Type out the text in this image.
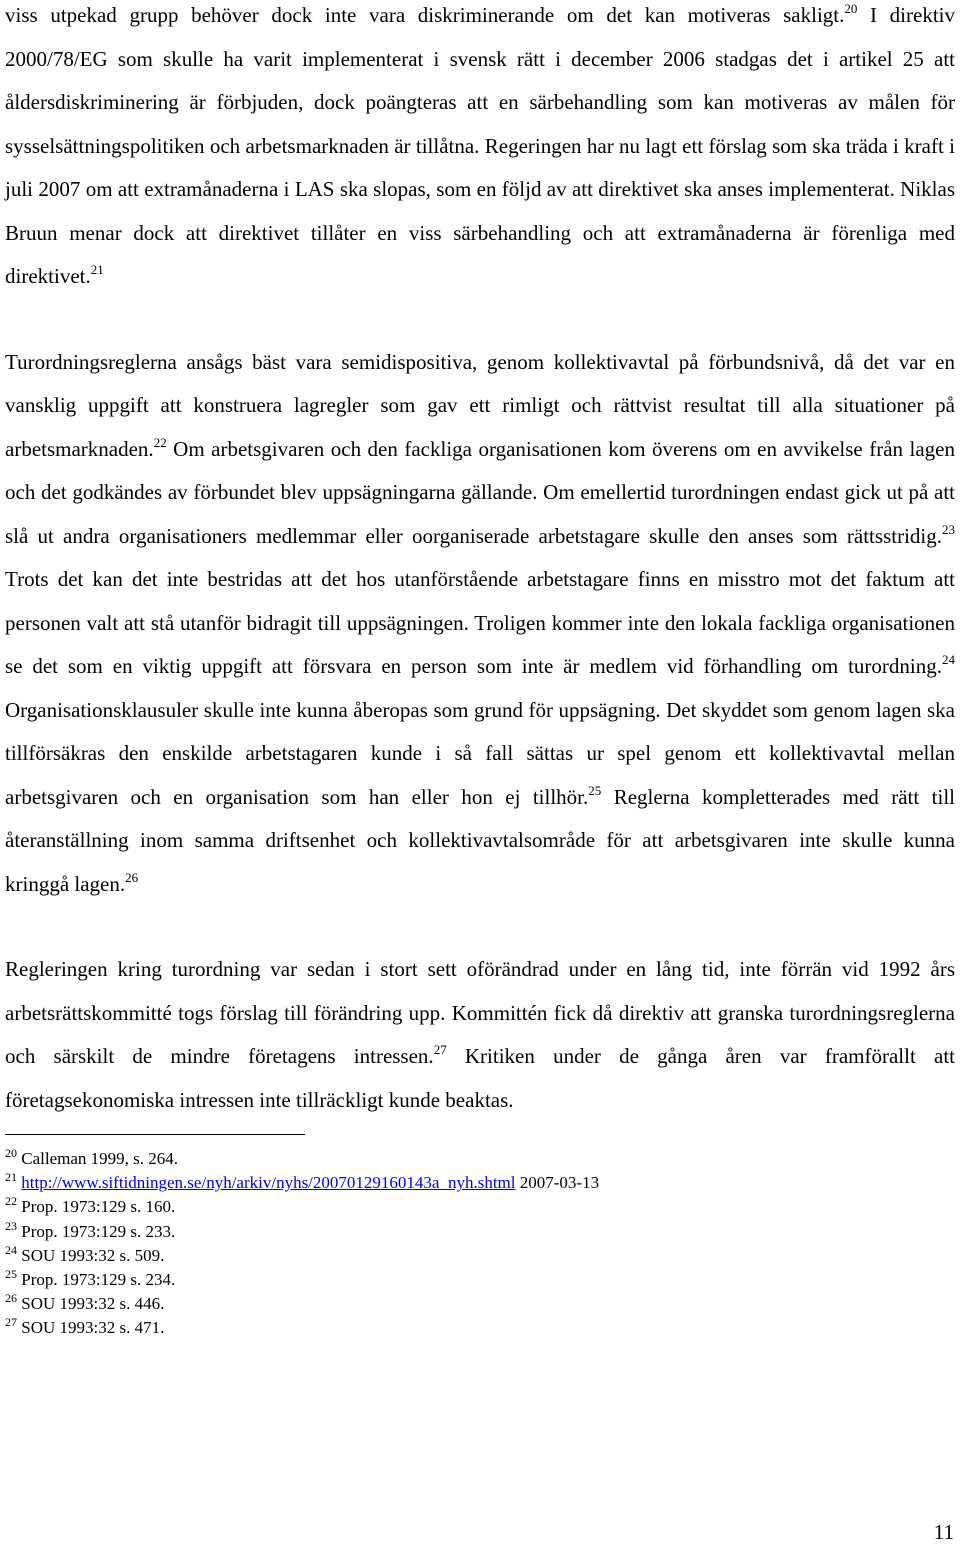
viss utpekad grupp behöver dock inte vara diskriminerande om det kan motiveras sakligt.$^{20}$ I direktiv 2000/78/EG som skulle ha varit implementerat i svensk rätt i december 2006 stadgas det i artikel 25 att åldersdiskriminering är förbjuden, dock poängteras att en särbehandling som kan motiveras av målen för sysselsättningspolitiken och arbetsmarknaden är tillåtna. Regeringen har nu lagt ett förslag som ska träda i kraft i juli 2007 om att extramånaderna i LAS ska slopas, som en följd av att direktivet ska anses implementerat. Niklas Bruun menar dock att direktivet tillåter en viss särbehandling och att extramånaderna är förenliga med direktivet.$^{21}$

Turordningsreglerna ansågs bäst vara semidispositiva, genom kollektivavtal på förbundsnivå, då det var en vansklig uppgift att konstruera lagregler som gav ett rimligt och rättvist resultat till alla situationer på arbetsmarknaden.$^{22}$ Om arbetsgivaren och den fackliga organisationen kom överens om en avvikelse från lagen och det godkändes av förbundet blev uppsägningarna gällande. Om emellertid turordningen endast gick ut på att slå ut andra organisationers medlemmar eller oorganiserade arbetstagare skulle den anses som rättsstridig.$^{23}$ Trots det kan det inte bestridas att det hos utanförstående arbetstagare finns en misstro mot det faktum att personen valt att stå utanför bidragit till uppsägningen. Troligen kommer inte den lokala fackliga organisationen se det som en viktig uppgift att försvara en person som inte är medlem vid förhandling om turordning.$^{24}$ Organisationsklausuler skulle inte kunna åberopas som grund för uppsägning. Det skyddet som genom lagen ska tillförsäkras den enskilde arbetstagaren kunde i så fall sättas ur spel genom ett kollektivavtal mellan arbetsgivaren och en organisation som han eller hon ej tillhör.$^{25}$ Reglerna kompletterades med rätt till återanställning inom samma driftsenhet och kollektivavtalsområde för att arbetsgivaren inte skulle kunna kringgå lagen.$^{26}$

Regleringen kring turordning var sedan i stort sett oförändrad under en lång tid, inte förrän vid 1992 års arbetsrättskommitté togs förslag till förändring upp. Kommittén fick då direktiv att granska turordningsreglerna och särskilt de mindre företagens intressen.$^{27}$ Kritiken under de gånga åren var framförallt att företagsekonomiska intressen inte tillräckligt kunde beaktas.

$^{20}$ Calleman 1999, s. 264.

$^{21}$ http://www.siftidningen.se/nyh/arkiv/nyhs/20070129160143a_nyh.shtml 2007-03-13

$^{22}$ Prop. 1973:129 s. 160.

$^{23}$ Prop. 1973:129 s. 233.

$^{24}$ SOU 1993:32 s. 509.

$^{25}$ Prop. 1973:129 s. 234.

$^{26}$ SOU 1993:32 s. 446.

$^{27}$ SOU 1993:32 s. 471.

11
